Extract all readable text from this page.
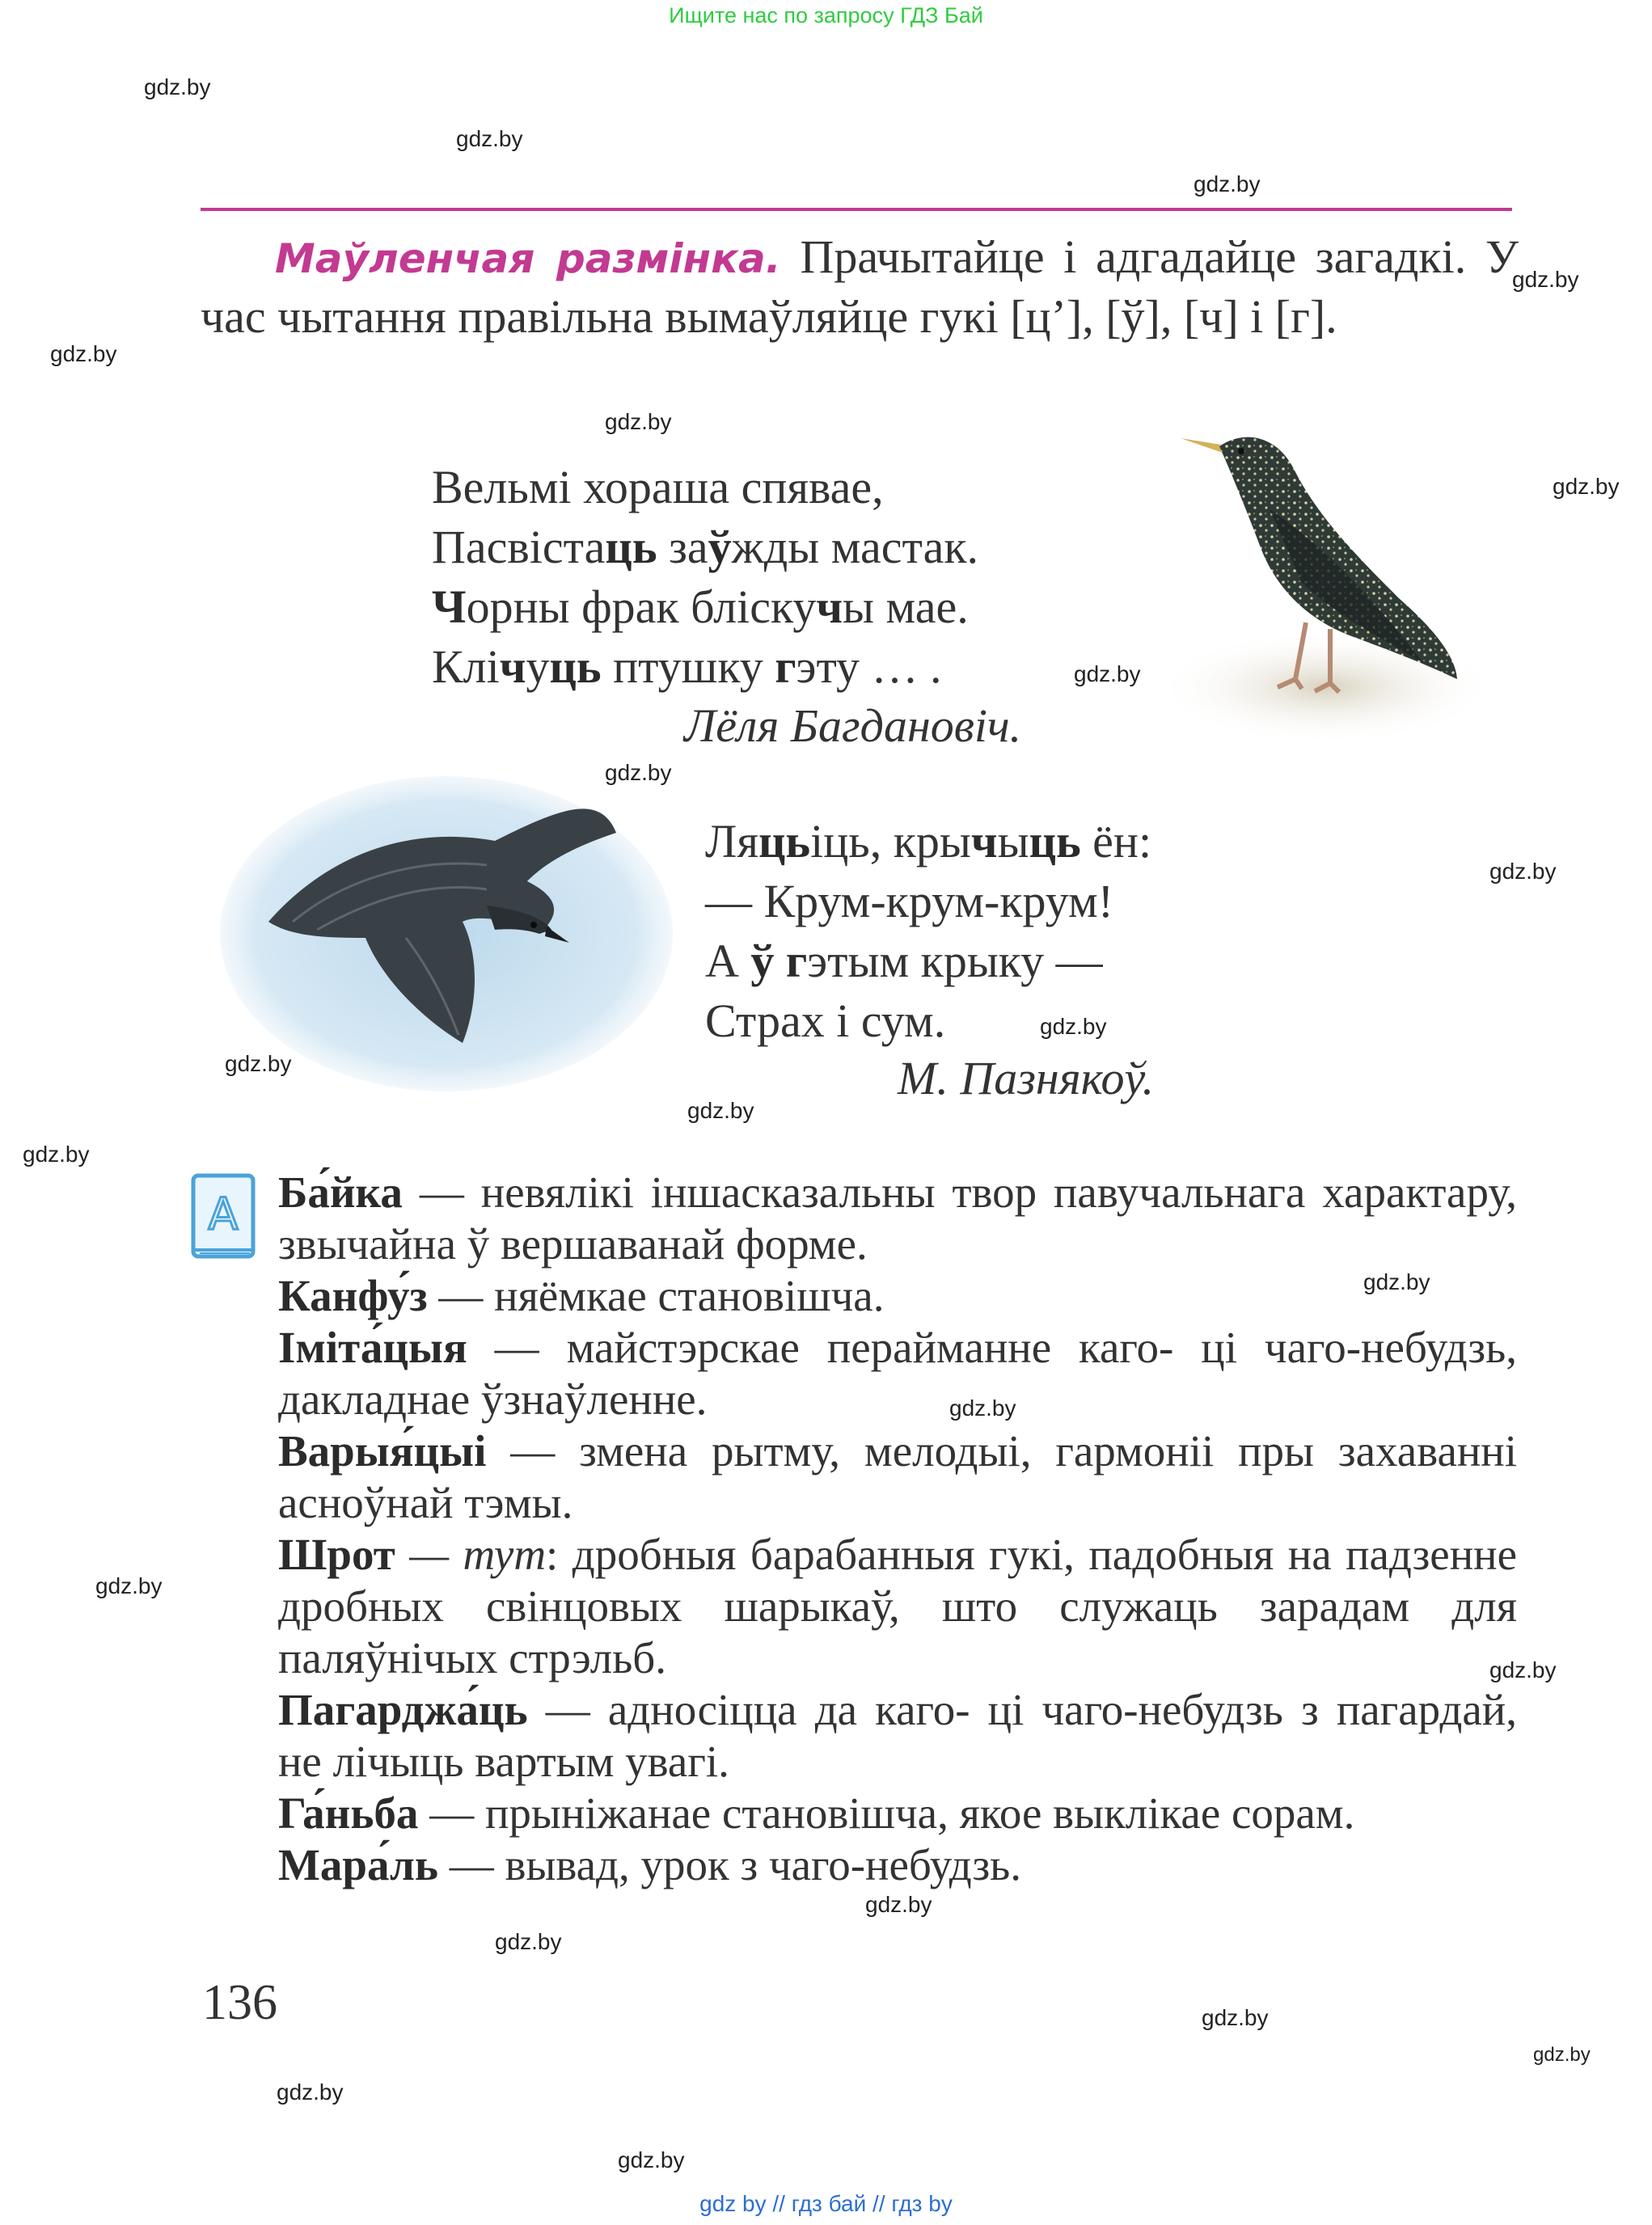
Ищите нас по запросу ГДЗ Бай
gdz.by
gdz.by
gdz.by
gdz.by
gdz.by
gdz.by
gdz.by
gdz.by
gdz.by
gdz.by
gdz.by
gdz.by
gdz.by
gdz.by
gdz.by
gdz.by
gdz.by
gdz.by
gdz.by
gdz.by
gdz.by
gdz.by
gdz.by
gdz.by
Маўленчая размінка. Прачытайце і адгадайце загадкі. У час чытання правільна вымаўляйце гукі [ц’], [ў], [ч] і [г].
Вельмі хораша спявае,
Пасвістаць заўжды мастак.
Чорны фрак бліскучы мае.
Клічуць птушку гэту … .
Лёля Багдановіч.
Ляцьіць, крычыць ён:
— Крум-крум-крум!
А ў гэтым крыку —
Страх і сум.
М. Пазнякоў.
A Ба́йка — невялікі іншасказальны твор павучальнага характару, звычайна ў вершаванай форме.

Канфу́з — няёмкае становішча.

Іміта́цыя — майстэрскае перайманне каго- ці чаго-небудзь, дакладнае ўзнаўленне.

Варыя́цыі — змена рытму, мелодыі, гармоніі пры захаванні асноўнай тэмы.

Шрот — тут: дробныя барабанныя гукі, падобныя на падзенне дробных свінцовых шарыкаў, што служаць зарадам для паляўнічых стрэльб.

Пагарджа́ць — адносіцца да каго- ці чаго-небудзь з пагардай, не лічыць вартым увагі.

Га́ньба — прыніжанае становішча, якое выклікае сорам.

Мара́ль — вывад, урок з чаго-небудзь.

136
gdz by // гдз бай // гдз by
